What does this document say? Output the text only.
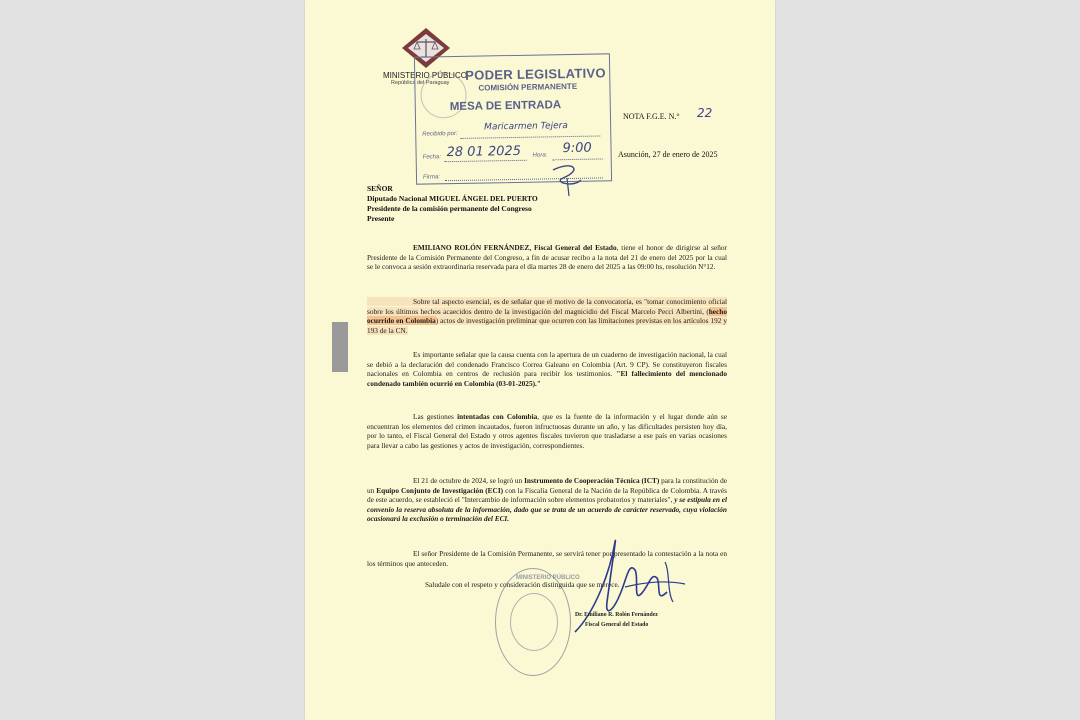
MINISTERIO PÚBLICO
República del Paraguay
PODER LEGISLATIVO
COMISIÓN PERMANENTE
MESA DE ENTRADA
Recibido por:
Maricarmen Tejera
Fecha: 28 01 2025 Hora: 9:00
Firma:
NOTA F.G.E. N.° 22
Asunción, 27 de enero de 2025
SEÑOR
Diputado Nacional MIGUEL ÁNGEL DEL PUERTO
Presidente de la comisión permanente del Congreso
Presente

EMILIANO ROLÓN FERNÁNDEZ, Fiscal General del Estado, tiene el honor de dirigirse al señor Presidente de la Comisión Permanente del Congreso, a fin de acusar recibo a la nota del 21 de enero del 2025 por la cual se le convoca a sesión extraordinaria reservada para el día martes 28 de enero del 2025 a las 09:00 hs, resolución N°12.

Sobre tal aspecto esencial, es de señalar que el motivo de la convocatoria, es "tomar conocimiento oficial sobre los últimos hechos acaecidos dentro de la investigación del magnicidio del Fiscal Marcelo Pecci Albertini, (hecho ocurrido en Colombia) actos de investigación preliminar que ocurren con las limitaciones previstas en los artículos 192 y 193 de la CN.

Es importante señalar que la causa cuenta con la apertura de un cuaderno de investigación nacional, la cual se debió a la declaración del condenado Francisco Correa Galeano en Colombia (Art. 9 CP). Se constituyeron fiscales nacionales en Colombia en centros de reclusión para recibir los testimonios. "El fallecimiento del mencionado condenado también ocurrió en Colombia (03-01-2025)."

Las gestiones intentadas con Colombia, que es la fuente de la información y el lugar donde aún se encuentran los elementos del crimen incautados, fueron infructuosas durante un año, y las dificultades persisten hoy día, por lo tanto, el Fiscal General del Estado y otros agentes fiscales tuvieron que trasladarse a ese país en varias ocasiones para llevar a cabo las gestiones y actos de investigación, correspondientes.

El 21 de octubre de 2024, se logró un Instrumento de Cooperación Técnica (ICT) para la constitución de un Equipo Conjunto de Investigación (ECI) con la Fiscalía General de la Nación de la República de Colombia. A través de este acuerdo, se estableció el "Intercambio de información sobre elementos probatorios y materiales", y se estipula en el convenio la reserva absoluta de la información, dado que se trata de un acuerdo de carácter reservado, cuya violación ocasionará la exclusión o terminación del ECI.

El señor Presidente de la Comisión Permanente, se servirá tener por presentado la contestación a la nota en los términos que anteceden.

Saludale con el respeto y consideración distinguida que se merece.
MINISTERIO PÚBLICO
Dr. Emiliano R. Rolón Fernández
Fiscal General del Estado
